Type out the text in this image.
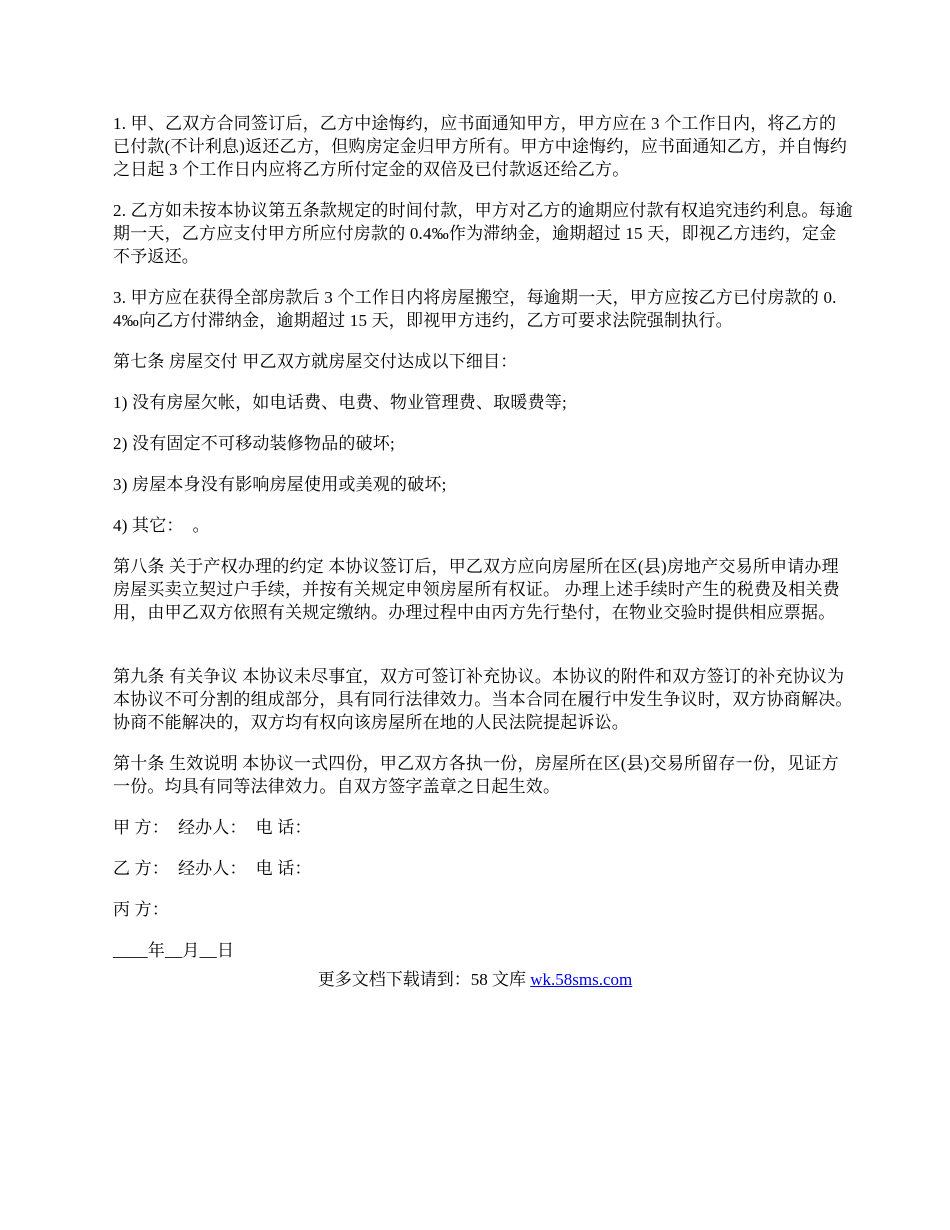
1. 甲、乙双方合同签订后，乙方中途悔约，应书面通知甲方，甲方应在 3 个工作日内，将乙方的已付款(不计利息)返还乙方，但购房定金归甲方所有。甲方中途悔约，应书面通知乙方，并自悔约之日起 3 个工作日内应将乙方所付定金的双倍及已付款返还给乙方。

2. 乙方如未按本协议第五条款规定的时间付款，甲方对乙方的逾期应付款有权追究违约利息。每逾期一天，乙方应支付甲方所应付房款的 0.4‰作为滞纳金，逾期超过 15 天，即视乙方违约，定金不予返还。

3. 甲方应在获得全部房款后 3 个工作日内将房屋搬空，每逾期一天，甲方应按乙方已付房款的 0.4‰向乙方付滞纳金，逾期超过 15 天，即视甲方违约，乙方可要求法院强制执行。

第七条 房屋交付 甲乙双方就房屋交付达成以下细目：

1) 没有房屋欠帐，如电话费、电费、物业管理费、取暖费等;

2) 没有固定不可移动装修物品的破坏;

3) 房屋本身没有影响房屋使用或美观的破坏;

4) 其它：  。

第八条 关于产权办理的约定 本协议签订后，甲乙双方应向房屋所在区(县)房地产交易所申请办理房屋买卖立契过户手续，并按有关规定申领房屋所有权证。 办理上述手续时产生的税费及相关费用，由甲乙双方依照有关规定缴纳。办理过程中由丙方先行垫付，在物业交验时提供相应票据。

第九条 有关争议 本协议未尽事宜，双方可签订补充协议。本协议的附件和双方签订的补充协议为本协议不可分割的组成部分，具有同行法律效力。当本合同在履行中发生争议时，双方协商解决。协商不能解决的，双方均有权向该房屋所在地的人民法院提起诉讼。

第十条 生效说明 本协议一式四份，甲乙双方各执一份，房屋所在区(县)交易所留存一份，见证方一份。均具有同等法律效力。自双方签字盖章之日起生效。

甲 方：  经办人：  电 话：

乙 方：  经办人：  电 话：

丙 方：

____年__月__日

更多文档下载请到：58 文库 wk.58sms.com
